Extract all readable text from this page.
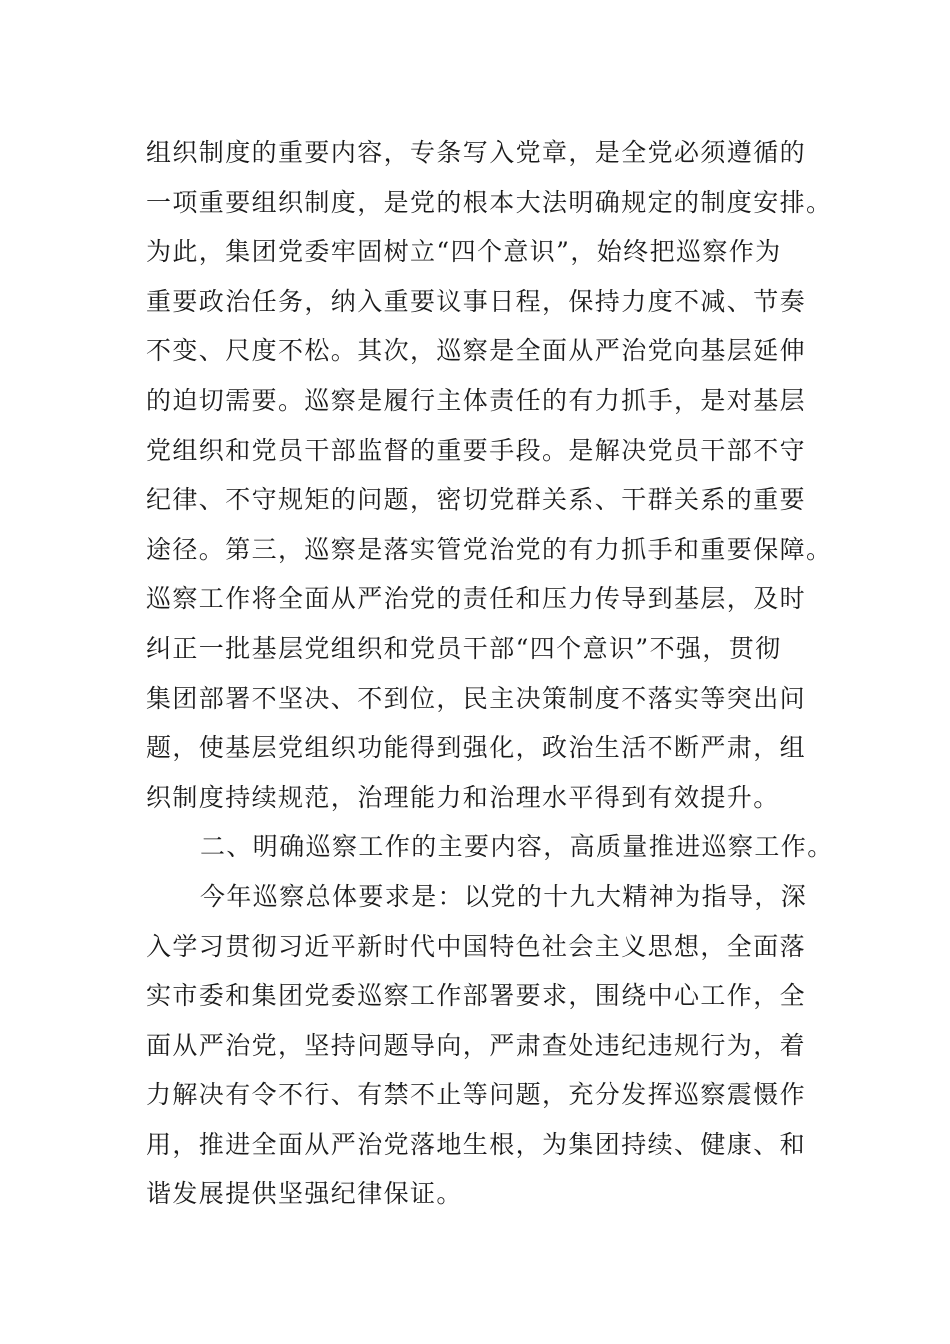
组织制度的重要内容，专条写入党章，是全党必须遵循的
一项重要组织制度，是党的根本大法明确规定的制度安排。
为此，集团党委牢固树立“四个意识”，始终把巡察作为
重要政治任务，纳入重要议事日程，保持力度不减、节奏
不变、尺度不松。其次，巡察是全面从严治党向基层延伸
的迫切需要。巡察是履行主体责任的有力抓手，是对基层
党组织和党员干部监督的重要手段。是解决党员干部不守
纪律、不守规矩的问题，密切党群关系、干群关系的重要
途径。第三，巡察是落实管党治党的有力抓手和重要保障。
巡察工作将全面从严治党的责任和压力传导到基层，及时
纠正一批基层党组织和党员干部“四个意识”不强，贯彻
集团部署不坚决、不到位，民主决策制度不落实等突出问
题，使基层党组织功能得到强化，政治生活不断严肃，组
织制度持续规范，治理能力和治理水平得到有效提升。
二、明确巡察工作的主要内容，高质量推进巡察工作。
今年巡察总体要求是：以党的十九大精神为指导，深
入学习贯彻习近平新时代中国特色社会主义思想，全面落
实市委和集团党委巡察工作部署要求，围绕中心工作，全
面从严治党，坚持问题导向，严肃查处违纪违规行为，着
力解决有令不行、有禁不止等问题，充分发挥巡察震慑作
用，推进全面从严治党落地生根，为集团持续、健康、和
谐发展提供坚强纪律保证。
